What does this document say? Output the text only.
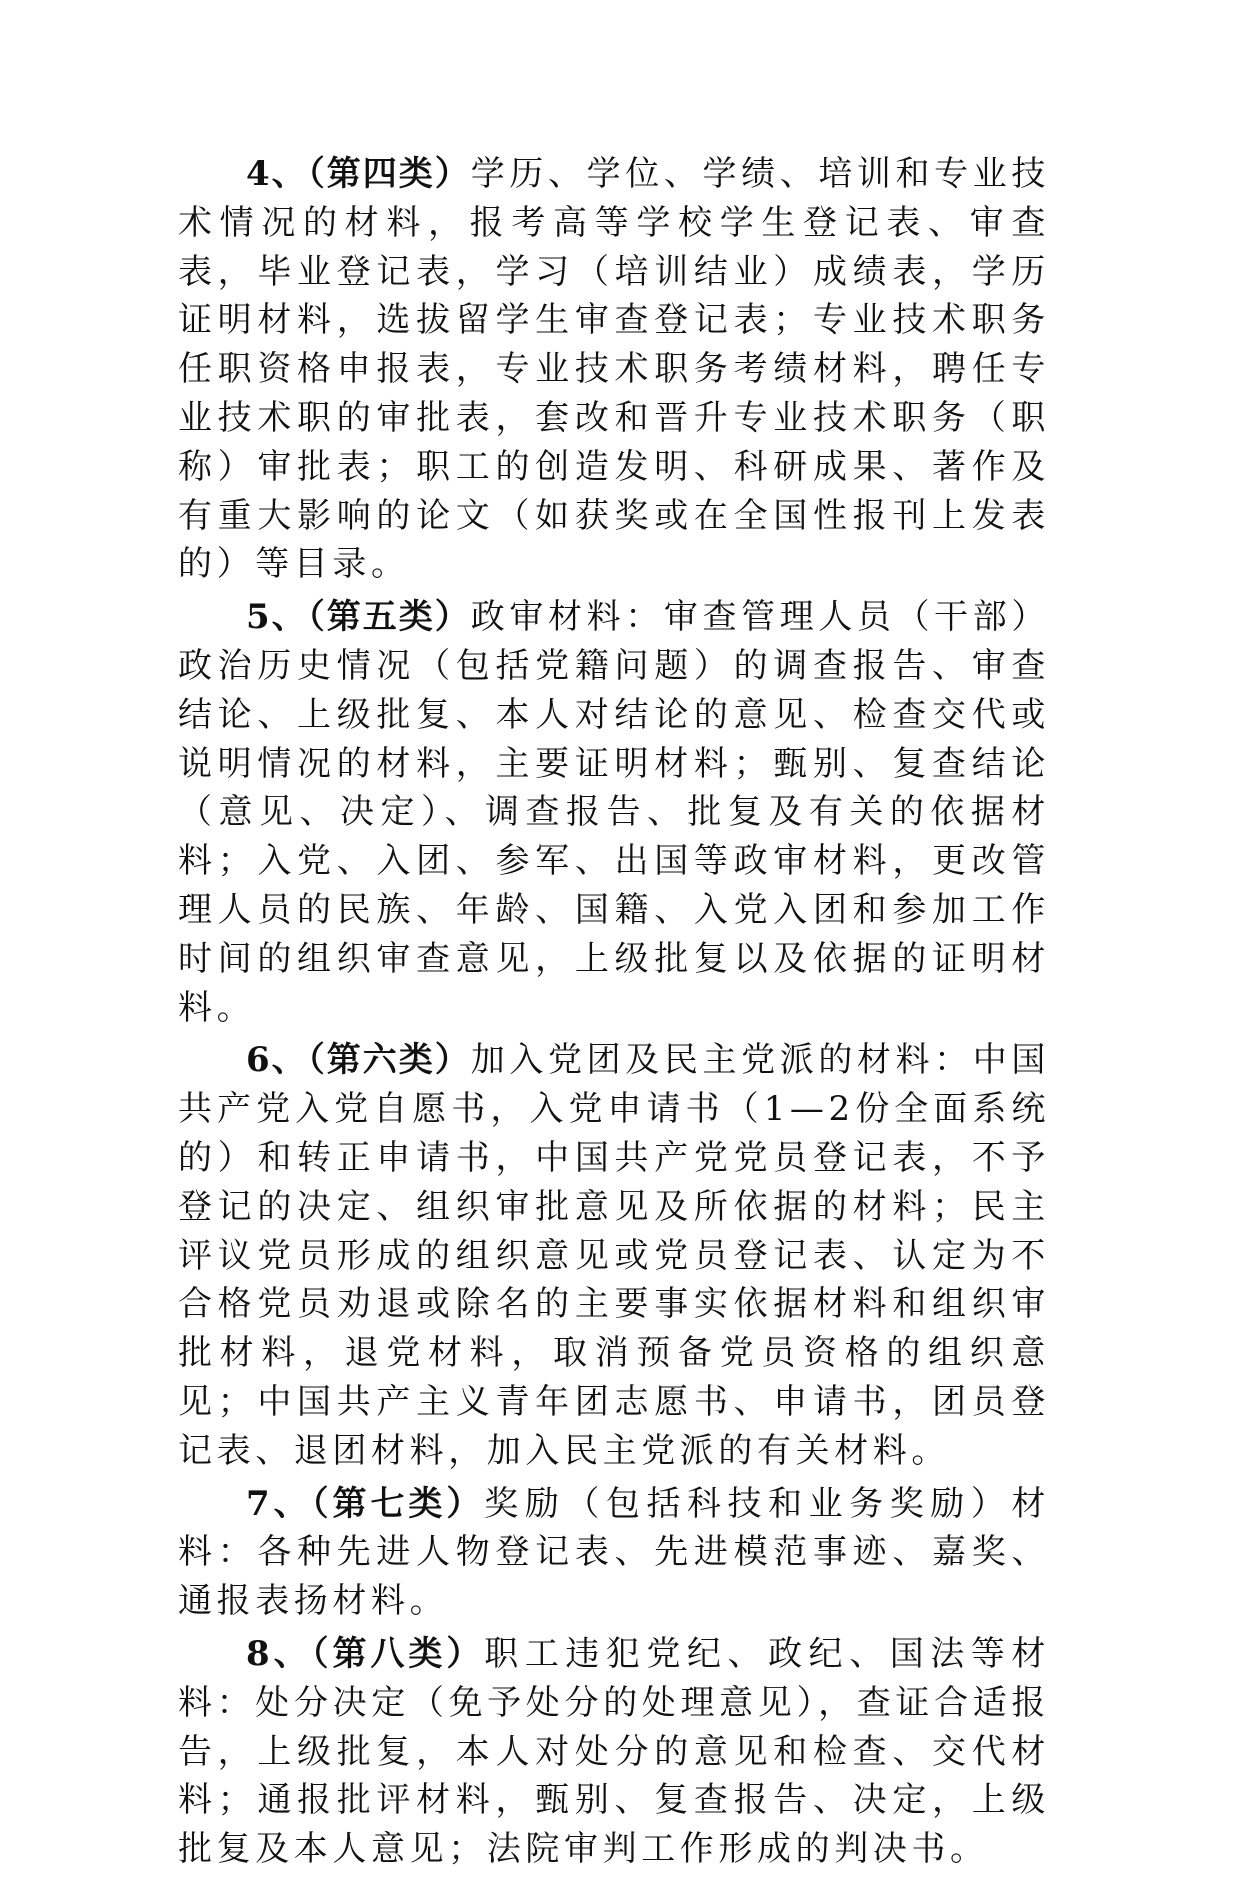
4、（第四类）学历、学位、学绩、培训和专业技术情况的材料，报考高等学校学生登记表、审查表，毕业登记表，学习（培训结业）成绩表，学历证明材料，选拔留学生审查登记表；专业技术职务任职资格申报表，专业技术职务考绩材料，聘任专业技术职的审批表，套改和晋升专业技术职务（职称）审批表；职工的创造发明、科研成果、著作及有重大影响的论文（如获奖或在全国性报刊上发表的）等目录。

5、（第五类）政审材料：审查管理人员（干部）政治历史情况（包括党籍问题）的调查报告、审查结论、上级批复、本人对结论的意见、检查交代或说明情况的材料，主要证明材料；甄别、复查结论（意见、决定）、调查报告、批复及有关的依据材料；入党、入团、参军、出国等政审材料，更改管理人员的民族、年龄、国籍、入党入团和参加工作时间的组织审查意见，上级批复以及依据的证明材料。

6、（第六类）加入党团及民主党派的材料：中国共产党入党自愿书，入党申请书（1—2份全面系统的）和转正申请书，中国共产党党员登记表，不予登记的决定、组织审批意见及所依据的材料；民主评议党员形成的组织意见或党员登记表、认定为不合格党员劝退或除名的主要事实依据材料和组织审批材料，退党材料，取消预备党员资格的组织意见；中国共产主义青年团志愿书、申请书，团员登记表、退团材料，加入民主党派的有关材料。

7、（第七类）奖励（包括科技和业务奖励）材料：各种先进人物登记表、先进模范事迹、嘉奖、通报表扬材料。

8、（第八类）职工违犯党纪、政纪、国法等材料：处分决定（免予处分的处理意见），查证合适报告，上级批复，本人对处分的意见和检查、交代材料；通报批评材料，甄别、复查报告、决定，上级批复及本人意见；法院审判工作形成的判决书。
